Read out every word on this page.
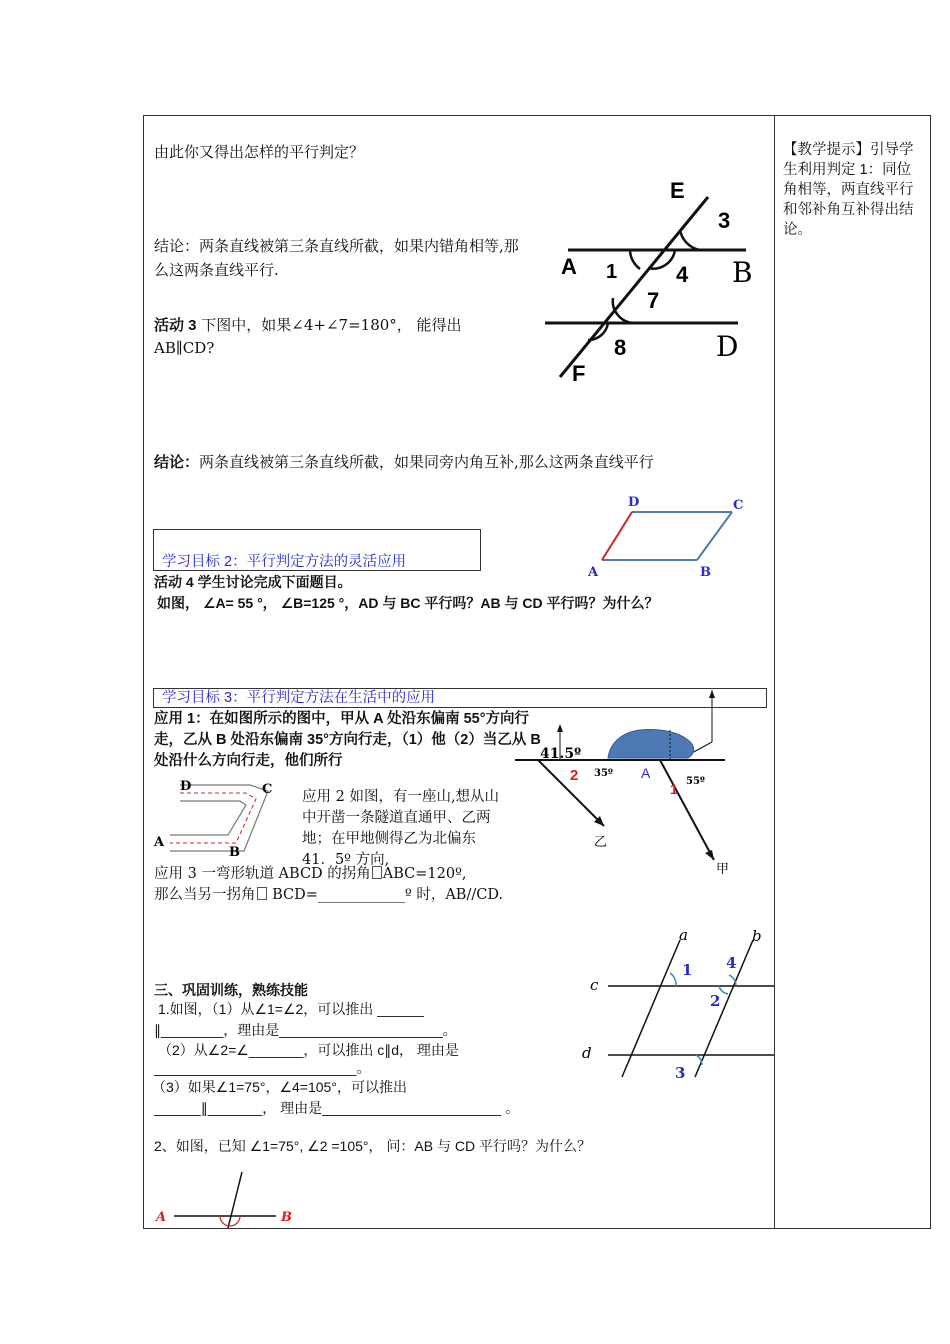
【教学提示】引导学生利用判定 1：同位角相等，两直线平行和邻补角互补得出结论。
由此你又得出怎样的平行判定？
结论：两条直线被第三条直线所截，如果内错角相等,那么这两条直线平行.
活动 3 下图中，如果∠4+∠7=180°， 能得出 AB∥CD?
结论：两条直线被第三条直线所截，如果同旁内角互补,那么这两条直线平行
学习目标 2：平行判定方法的灵活应用
活动 4 学生讨论完成下面题目。
如图， ∠A= 55 °， ∠B=125 °，AD 与 BC 平行吗？AB 与 CD 平行吗？为什么？
学习目标 3：平行判定方法在生活中的应用
应用 1：在如图所示的图中，甲从 A 处沿东偏南 55°方向行走，乙从 B 处沿东偏南 35°方向行走，（1）他（2）当乙从 B 处沿什么方向行走，他们所行
应用 2 如图，有一座山,想从山中开凿一条隧道直通甲、乙两地；在甲地侧得乙为北偏东 41．5º 方向,
应用 3 一弯形轨道 ABCD 的拐角 ABC=120º,
那么当另一拐角 BCD=____________º 时，AB//CD.
三、巩固训练，熟练技能
1.如图，（1）从∠1=∠2，可以推出 ______
∥________，理由是_____________________。
（2）从∠2=∠_______，可以推出 c∥d， 理由是
__________________________。
（3）如果∠1=75°，∠4=105°，可以推出
______∥_______， 理由是_______________________ 。
2、如图，已知 ∠1=75°, ∠2 =105°， 问：AB 与 CD 平行吗？为什么？
E
3
A 1	4 B
7
8	D
F
D	C
A	B
41.5º
2 35º A
1 55º
乙
甲
D	C
A
B
a	b
c
1 4
2
d
3
A	B
